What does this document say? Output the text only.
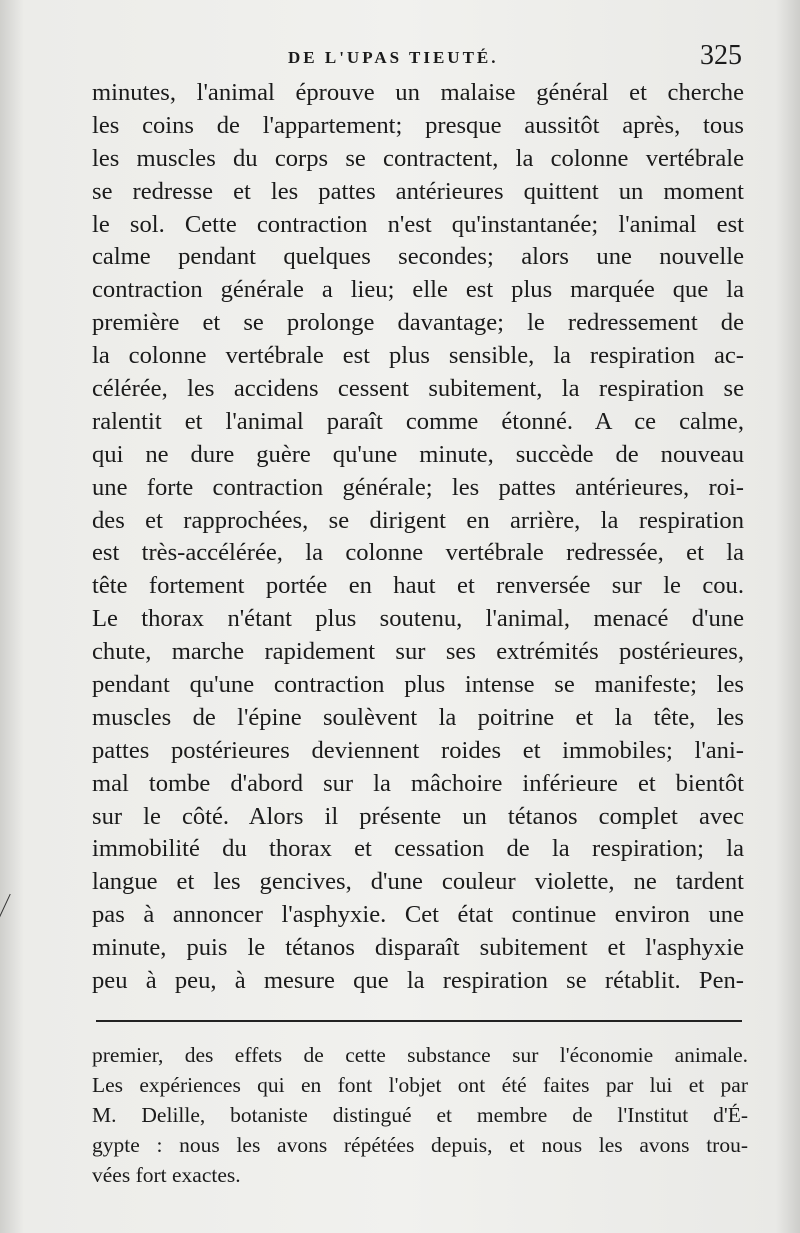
DE L'UPAS TIEUTÉ.	325
minutes, l'animal éprouve un malaise général et cherche
les coins de l'appartement; presque aussitôt après, tous
les muscles du corps se contractent, la colonne vertébrale
se redresse et les pattes antérieures quittent un moment
le sol. Cette contraction n'est qu'instantanée; l'animal est
calme pendant quelques secondes; alors une nouvelle
contraction générale a lieu; elle est plus marquée que la
première et se prolonge davantage; le redressement de
la colonne vertébrale est plus sensible, la respiration ac-
célérée, les accidens cessent subitement, la respiration se
ralentit et l'animal paraît comme étonné. A ce calme,
qui ne dure guère qu'une minute, succède de nouveau
une forte contraction générale; les pattes antérieures, roi-
des et rapprochées, se dirigent en arrière, la respiration
est très-accélérée, la colonne vertébrale redressée, et la
tête fortement portée en haut et renversée sur le cou.
Le thorax n'étant plus soutenu, l'animal, menacé d'une
chute, marche rapidement sur ses extrémités postérieures,
pendant qu'une contraction plus intense se manifeste; les
muscles de l'épine soulèvent la poitrine et la tête, les
pattes postérieures deviennent roides et immobiles; l'ani-
mal tombe d'abord sur la mâchoire inférieure et bientôt
sur le côté. Alors il présente un tétanos complet avec
immobilité du thorax et cessation de la respiration; la
langue et les gencives, d'une couleur violette, ne tardent
pas à annoncer l'asphyxie. Cet état continue environ une
minute, puis le tétanos disparaît subitement et l'asphyxie
peu à peu, à mesure que la respiration se rétablit. Pen-
premier, des effets de cette substance sur l'économie animale.
Les expériences qui en font l'objet ont été faites par lui et par
M. Delille, botaniste distingué et membre de l'Institut d'É-
gypte : nous les avons répétées depuis, et nous les avons trou-
vées fort exactes.
